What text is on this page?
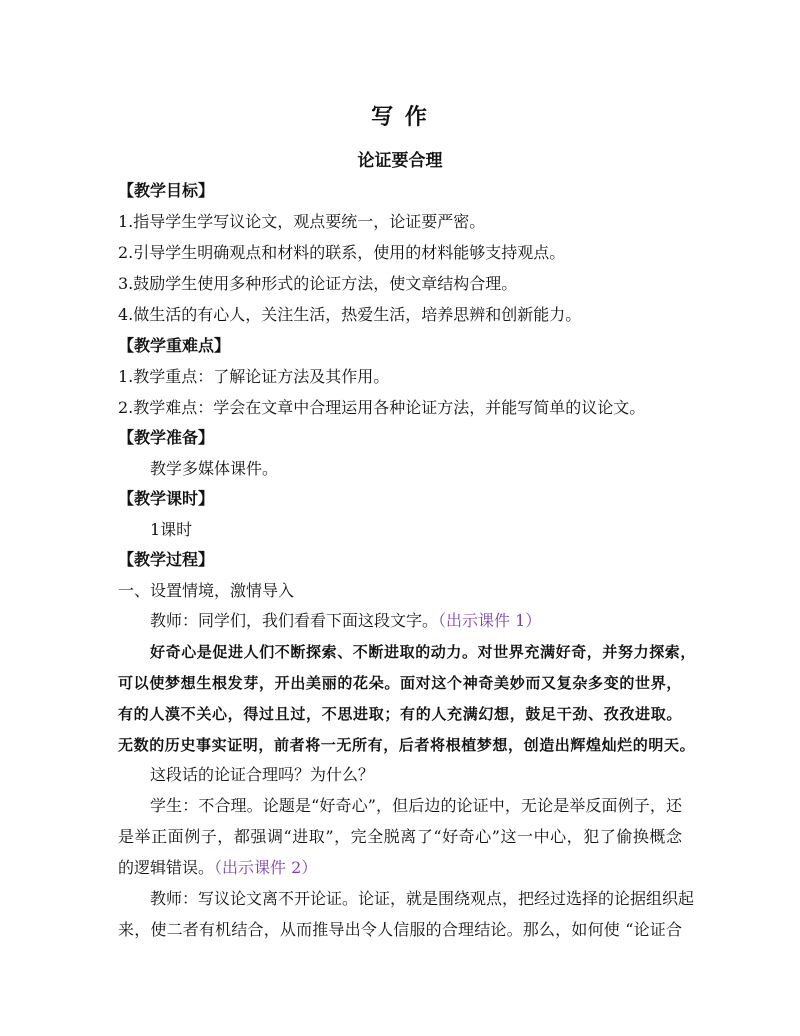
写 作
论证要合理
【教学目标】
1.指导学生学写议论文，观点要统一，论证要严密。
2.引导学生明确观点和材料的联系，使用的材料能够支持观点。
3.鼓励学生使用多种形式的论证方法，使文章结构合理。
4.做生活的有心人，关注生活，热爱生活，培养思辨和创新能力。
【教学重难点】
1.教学重点：了解论证方法及其作用。
2.教学难点：学会在文章中合理运用各种论证方法，并能写简单的议论文。
【教学准备】
教学多媒体课件。
【教学课时】
1课时
【教学过程】
一、设置情境，激情导入
教师：同学们，我们看看下面这段文字。（出示课件 1）
好奇心是促进人们不断探索、不断进取的动力。对世界充满好奇，并努力探索，
可以使梦想生根发芽，开出美丽的花朵。面对这个神奇美妙而又复杂多变的世界，
有的人漠不关心，得过且过，不思进取；有的人充满幻想，鼓足干劲、孜孜进取。
无数的历史事实证明，前者将一无所有，后者将根植梦想，创造出辉煌灿烂的明天。
这段话的论证合理吗？为什么？
学生：不合理。论题是“好奇心”，但后边的论证中，无论是举反面例子，还
是举正面例子，都强调“进取”，完全脱离了“好奇心”这一中心，犯了偷换概念
的逻辑错误。（出示课件 2）
教师：写议论文离不开论证。论证，就是围绕观点，把经过选择的论据组织起
来，使二者有机结合，从而推导出令人信服的合理结论。那么，如何使 “论证合
